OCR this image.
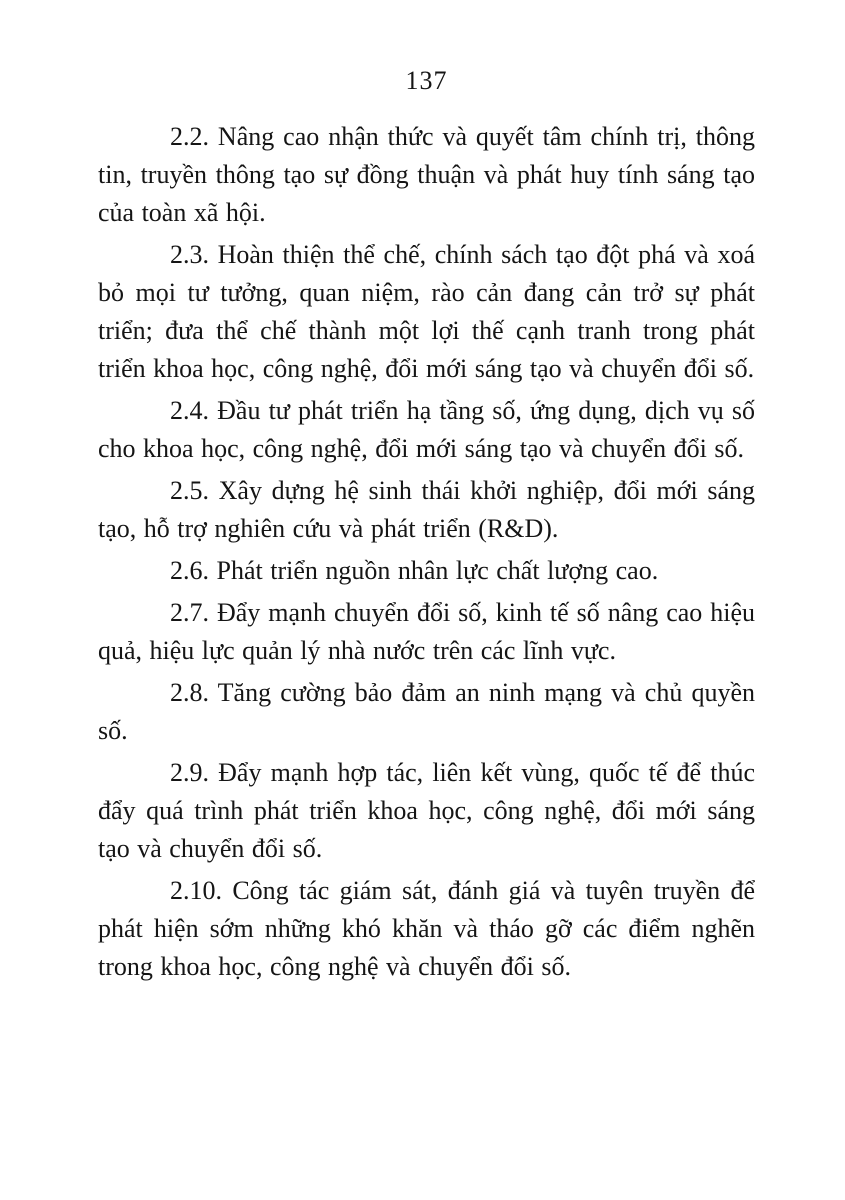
137

2.2. Nâng cao nhận thức và quyết tâm chính trị, thông tin, truyền thông tạo sự đồng thuận và phát huy tính sáng tạo của toàn xã hội.

2.3. Hoàn thiện thể chế, chính sách tạo đột phá và xoá bỏ mọi tư tưởng, quan niệm, rào cản đang cản trở sự phát triển; đưa thể chế thành một lợi thế cạnh tranh trong phát triển khoa học, công nghệ, đổi mới sáng tạo và chuyển đổi số.

2.4. Đầu tư phát triển hạ tầng số, ứng dụng, dịch vụ số cho khoa học, công nghệ, đổi mới sáng tạo và chuyển đổi số.

2.5. Xây dựng hệ sinh thái khởi nghiệp, đổi mới sáng tạo, hỗ trợ nghiên cứu và phát triển (R&D).

2.6. Phát triển nguồn nhân lực chất lượng cao.

2.7. Đẩy mạnh chuyển đổi số, kinh tế số nâng cao hiệu quả, hiệu lực quản lý nhà nước trên các lĩnh vực.

2.8. Tăng cường bảo đảm an ninh mạng và chủ quyền số.

2.9. Đẩy mạnh hợp tác, liên kết vùng, quốc tế để thúc đẩy quá trình phát triển khoa học, công nghệ, đổi mới sáng tạo và chuyển đổi số.

2.10. Công tác giám sát, đánh giá và tuyên truyền để phát hiện sớm những khó khăn và tháo gỡ các điểm nghẽn trong khoa học, công nghệ và chuyển đổi số.
